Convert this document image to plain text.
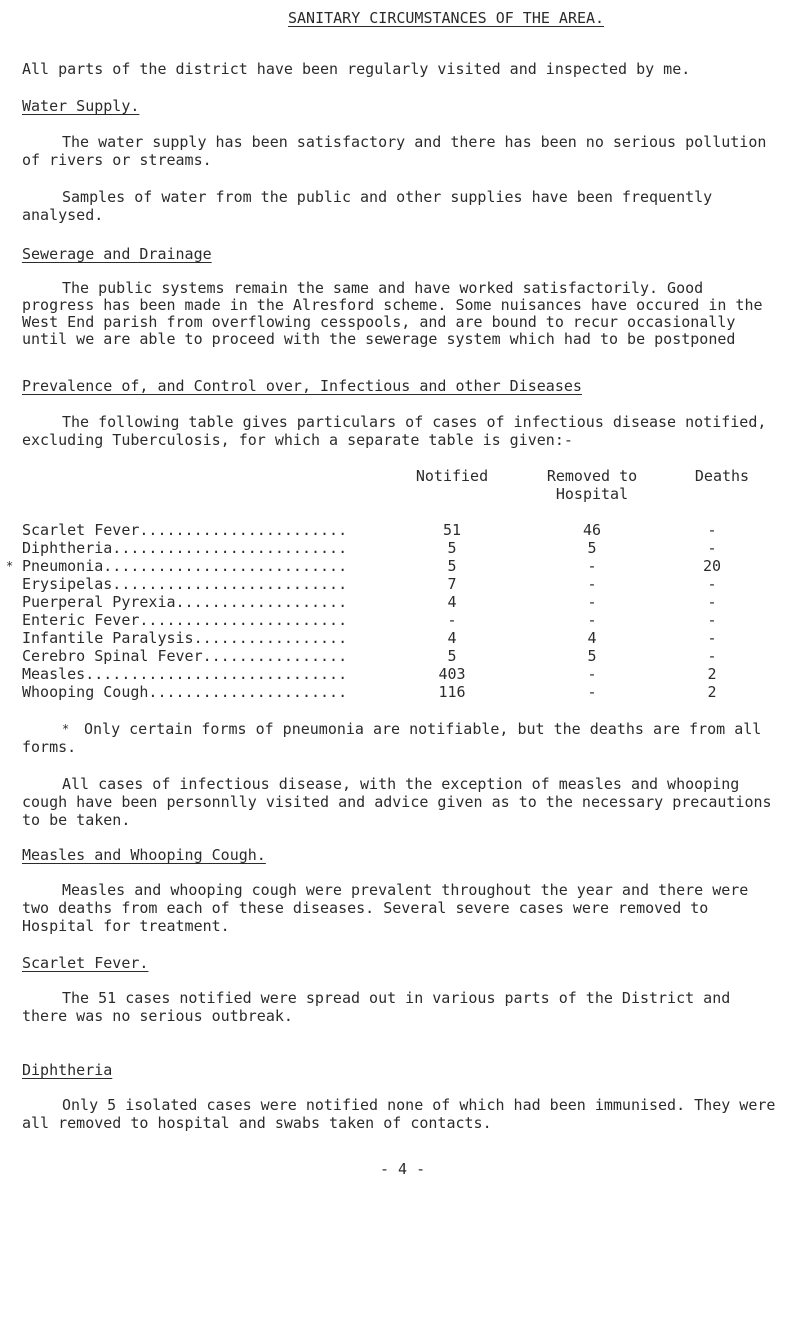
SANITARY CIRCUMSTANCES OF THE AREA.
All parts of the district have been regularly visited and inspected by me.
Water Supply.
The water supply has been satisfactory and there has been no serious pollution of rivers or streams.
Samples of water from the public and other supplies have been frequently analysed.
Sewerage and Drainage
The public systems remain the same and have worked satisfactorily. Good progress has been made in the Alresford scheme. Some nuisances have occured in the West End parish from overflowing cesspools, and are bound to recur occasionally until we are able to proceed with the sewerage system which had to be postponed
Prevalence of, and Control over, Infectious and other Diseases
The following table gives particulars of cases of infectious disease notified, excluding Tuberculosis, for which a separate table is given:-
Notified	Removed to
Hospital
Deaths
Scarlet Fever.......................	51	46	-
Diphtheria..........................	5	5	-
* Pneumonia...........................	5	-	20
Erysipelas..........................	7	-	-
Puerperal Pyrexia...................	4	-	-
Enteric Fever.......................	-	-	-
Infantile Paralysis.................	4	4	-
Cerebro Spinal Fever................	5	5	-
Measles.............................	403	-	2
Whooping Cough......................	116	-	2
* Only certain forms of pneumonia are notifiable, but the deaths are from all forms.
All cases of infectious disease, with the exception of measles and whooping cough have been personnlly visited and advice given as to the necessary precautions to be taken.
Measles and Whooping Cough.
Measles and whooping cough were prevalent throughout the year and there were two deaths from each of these diseases. Several severe cases were removed to Hospital for treatment.
Scarlet Fever.
The 51 cases notified were spread out in various parts of the District and there was no serious outbreak.
Diphtheria
Only 5 isolated cases were notified none of which had been immunised. They were all removed to hospital and swabs taken of contacts.
- 4 -
